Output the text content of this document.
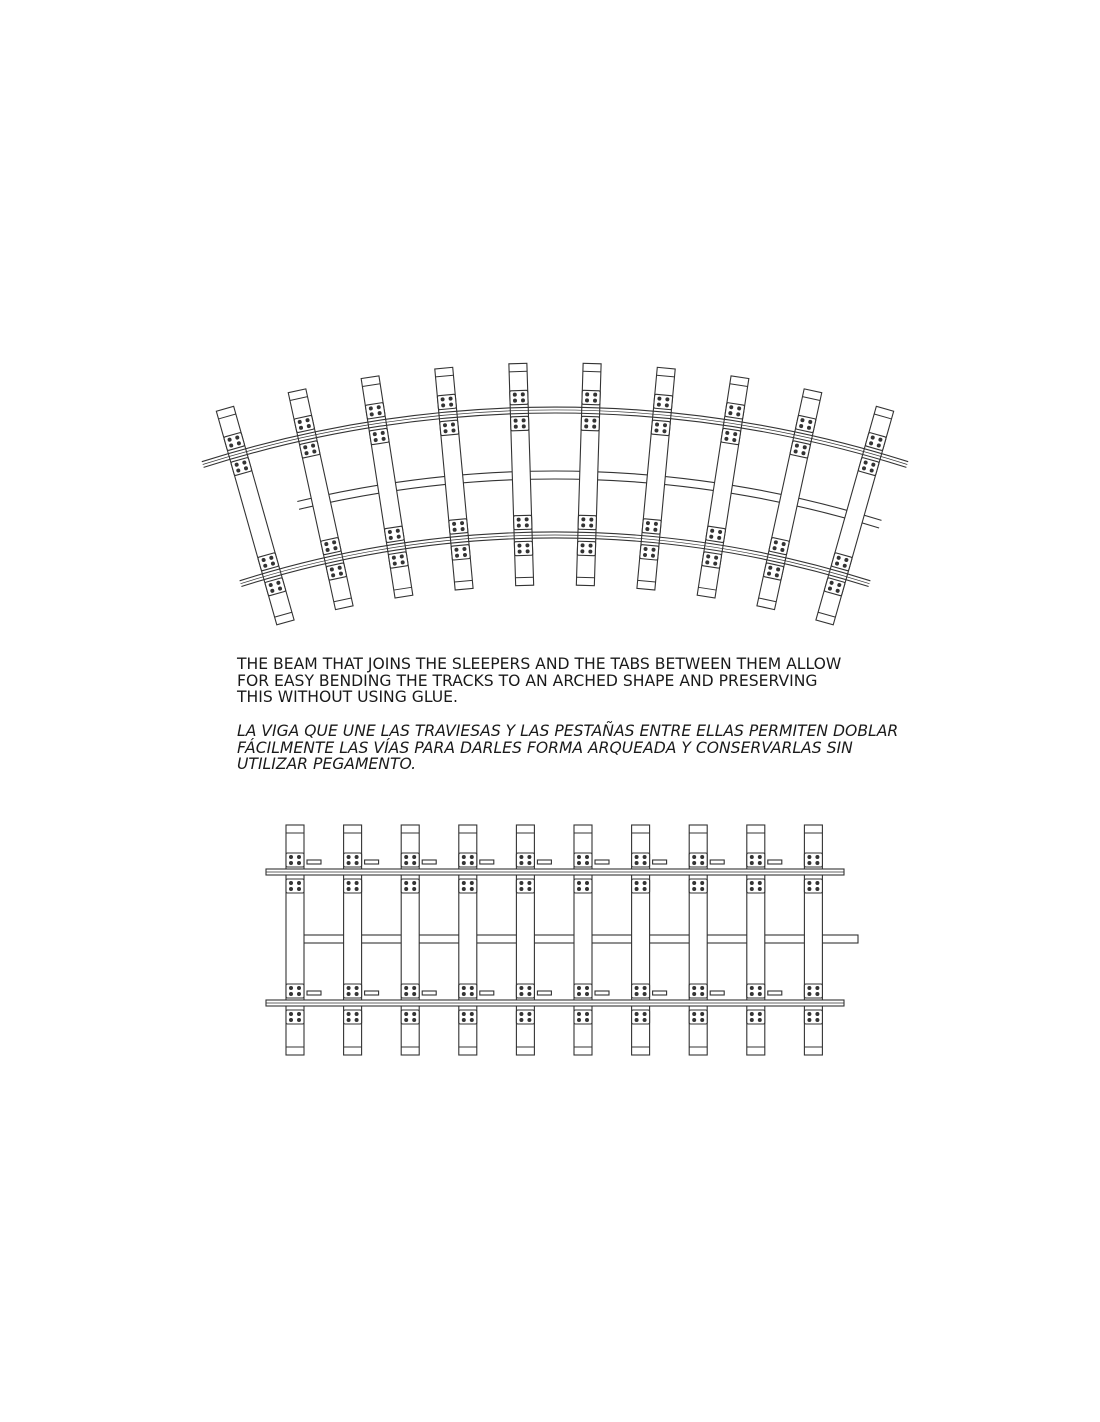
THE BEAM THAT JOINS THE SLEEPERS AND THE TABS BETWEEN THEM ALLOW
FOR EASY BENDING THE TRACKS TO AN ARCHED SHAPE AND PRESERVING
THIS WITHOUT USING GLUE.

LA VIGA QUE UNE LAS TRAVIESAS Y LAS PESTAÑAS ENTRE ELLAS PERMITEN DOBLAR
FÁCILMENTE LAS VÍAS PARA DARLES FORMA ARQUEADA Y CONSERVARLAS SIN
UTILIZAR PEGAMENTO.
